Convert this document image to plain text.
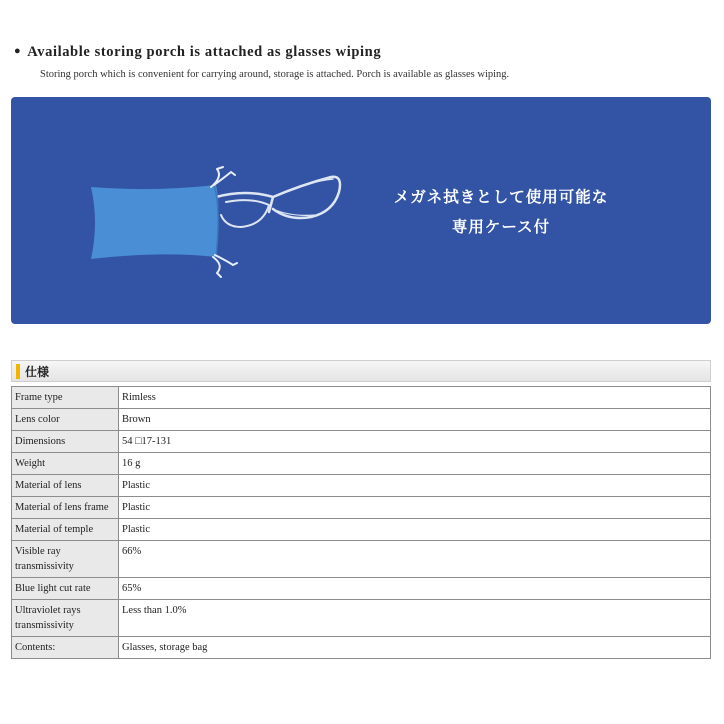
● Available storing porch is attached as glasses wiping
Storing porch which is convenient for carrying around, storage is attached. Porch is available as glasses wiping.
メガネ拭きとして使用可能な
専用ケース付
仕様
Frame type	Rimless
Lens color	Brown
Dimensions	54 □17-131
Weight	16 g
Material of lens	Plastic
Material of lens frame	Plastic
Material of temple	Plastic
Visible ray transmissivity	66%
Blue light cut rate	65%
Ultraviolet rays transmissivity	Less than 1.0%
Contents:	Glasses, storage bag
